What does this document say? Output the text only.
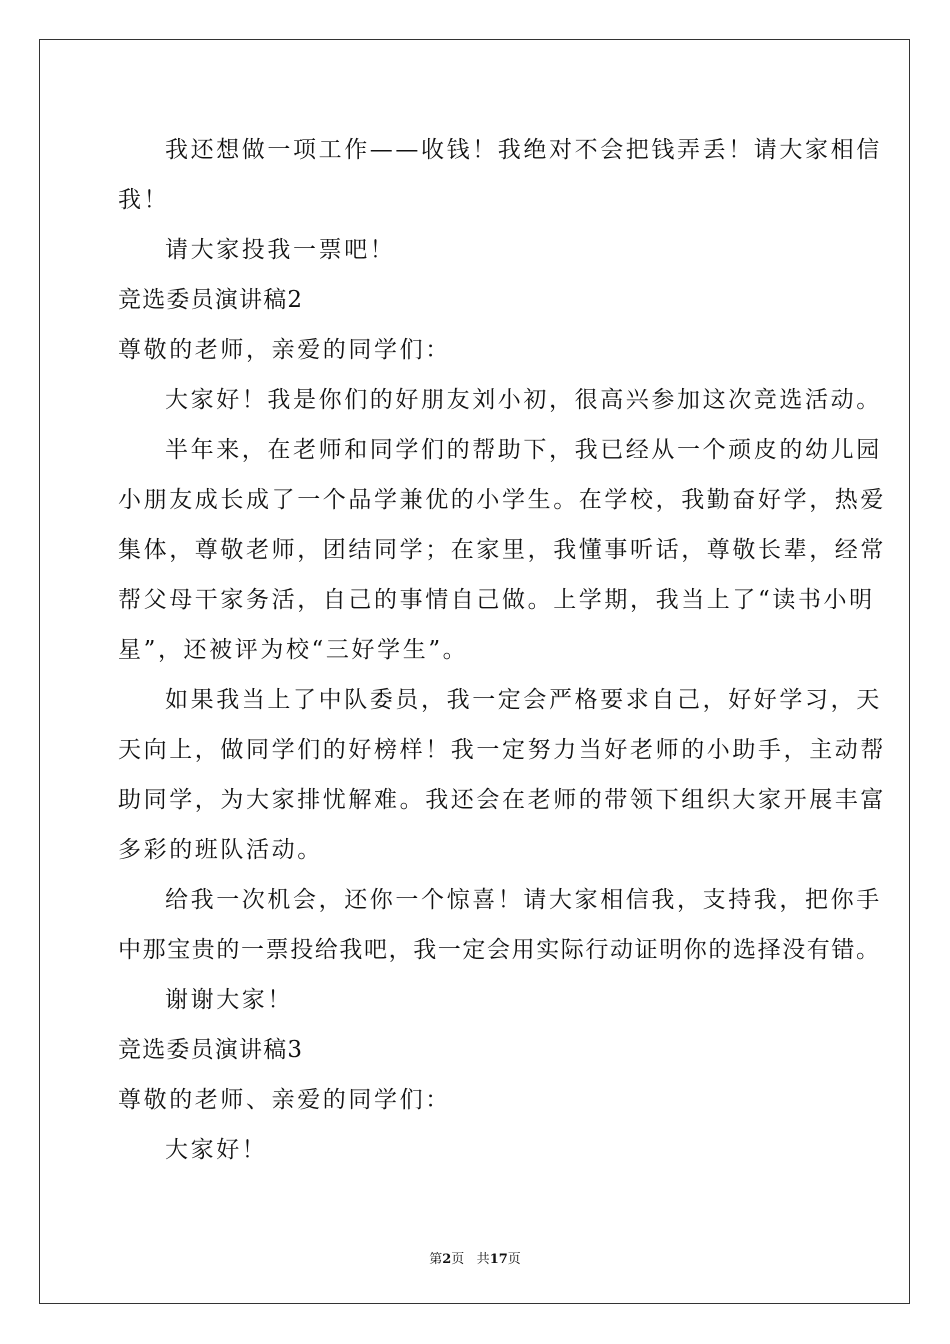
我还想做一项工作——收钱！我绝对不会把钱弄丢！请大家相信
我！
请大家投我一票吧！
竞选委员演讲稿2
尊敬的老师，亲爱的同学们：
大家好！我是你们的好朋友刘小初，很高兴参加这次竞选活动。
半年来，在老师和同学们的帮助下，我已经从一个顽皮的幼儿园
小朋友成长成了一个品学兼优的小学生。在学校，我勤奋好学，热爱
集体，尊敬老师，团结同学；在家里，我懂事听话，尊敬长辈，经常
帮父母干家务活，自己的事情自己做。上学期，我当上了“读书小明
星”，还被评为校“三好学生”。
如果我当上了中队委员，我一定会严格要求自己，好好学习，天
天向上，做同学们的好榜样！我一定努力当好老师的小助手，主动帮
助同学，为大家排忧解难。我还会在老师的带领下组织大家开展丰富
多彩的班队活动。
给我一次机会，还你一个惊喜！请大家相信我，支持我，把你手
中那宝贵的一票投给我吧，我一定会用实际行动证明你的选择没有错。
谢谢大家！
竞选委员演讲稿3
尊敬的老师、亲爱的同学们：
大家好！
第2页 共17页
